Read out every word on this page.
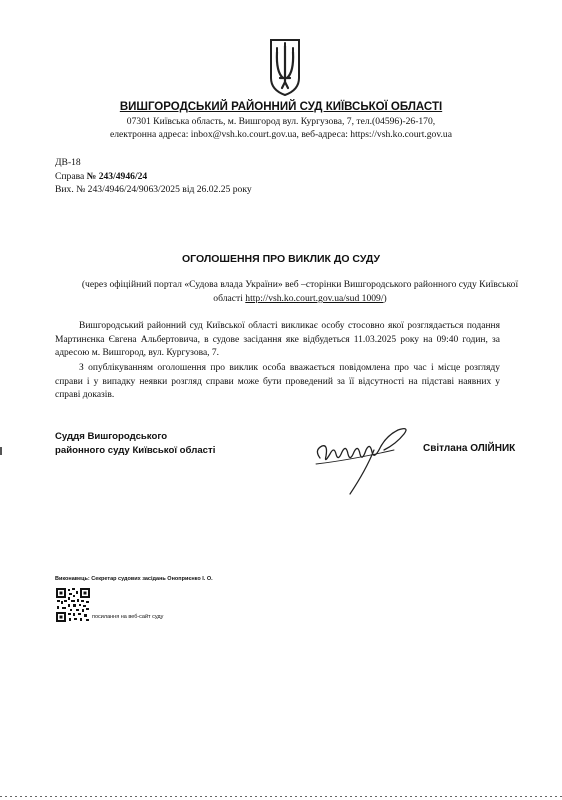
ВИШГОРОДСЬКИЙ РАЙОННИЙ СУД КИЇВСЬКОЇ ОБЛАСТІ
07301 Київська область, м. Вишгород вул. Кургузова, 7, тел.(04596)-26-170,
електронна адреса: inbox@vsh.ko.court.gov.ua, веб-адреса: https://vsh.ko.court.gov.ua
ДВ-18
Справа № 243/4946/24
Вих. № 243/4946/24/9063/2025 від 26.02.25 року
ОГОЛОШЕННЯ ПРО ВИКЛИК ДО СУДУ
(через офіційний портал «Судова влада України» веб –сторінки Вишгородського районного суду Київської області http://vsh.ko.court.gov.ua/sud 1009/)
Вишгородський районний суд Київської області викликає особу стосовно якої розглядається подання Мартинєнка Євгена Альбертовича, в судове засідання яке відбудеться 11.03.2025 року на 09:40 годин, за адресою м. Вишгород, вул. Кургузова, 7.
З опублікуванням оголошення про виклик особа вважається повідомлена про час і місце розгляду справи і у випадку неявки розгляд справи може бути проведений за її відсутності на підставі наявних у справі доказів.
Суддя Вишгородського
районного суду Київської області	Світлана ОЛІЙНИК
Виконавець: Секретар судових засідань Оноприєнко І. О.
посилання на веб-сайт суду
